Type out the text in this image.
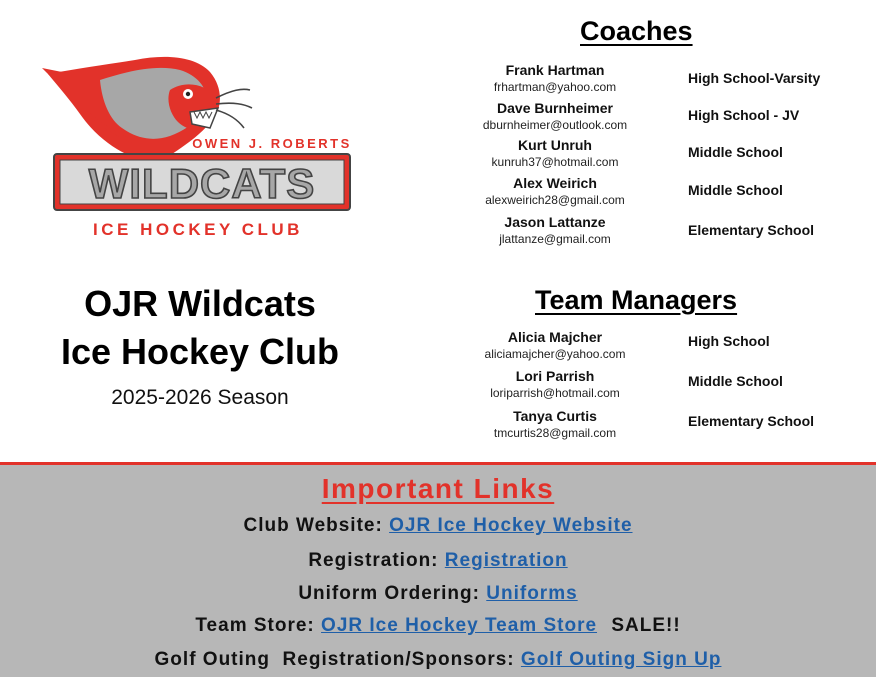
OWEN J. ROBERTS
WILDCATS
ICE HOCKEY CLUB
OJR Wildcats
Ice Hockey Club
2025-2026 Season
Coaches
Frank Hartman
frhartman@yahoo.com
High School-Varsity
Dave Burnheimer
dburnheimer@outlook.com
High School - JV
Kurt Unruh
kunruh37@hotmail.com
Middle School
Alex Weirich
alexweirich28@gmail.com
Middle School
Jason Lattanze
jlattanze@gmail.com
Elementary School
Team Managers
Alicia Majcher
aliciamajcher@yahoo.com
High School
Lori Parrish
loriparrish@hotmail.com
Middle School
Tanya Curtis
tmcurtis28@gmail.com
Elementary School
Important Links
Club Website: OJR Ice Hockey Website
Registration: Registration
Uniform Ordering: Uniforms
Team Store: OJR Ice Hockey Team Store SALE!!
Golf Outing  Registration/Sponsors: Golf Outing Sign Up
